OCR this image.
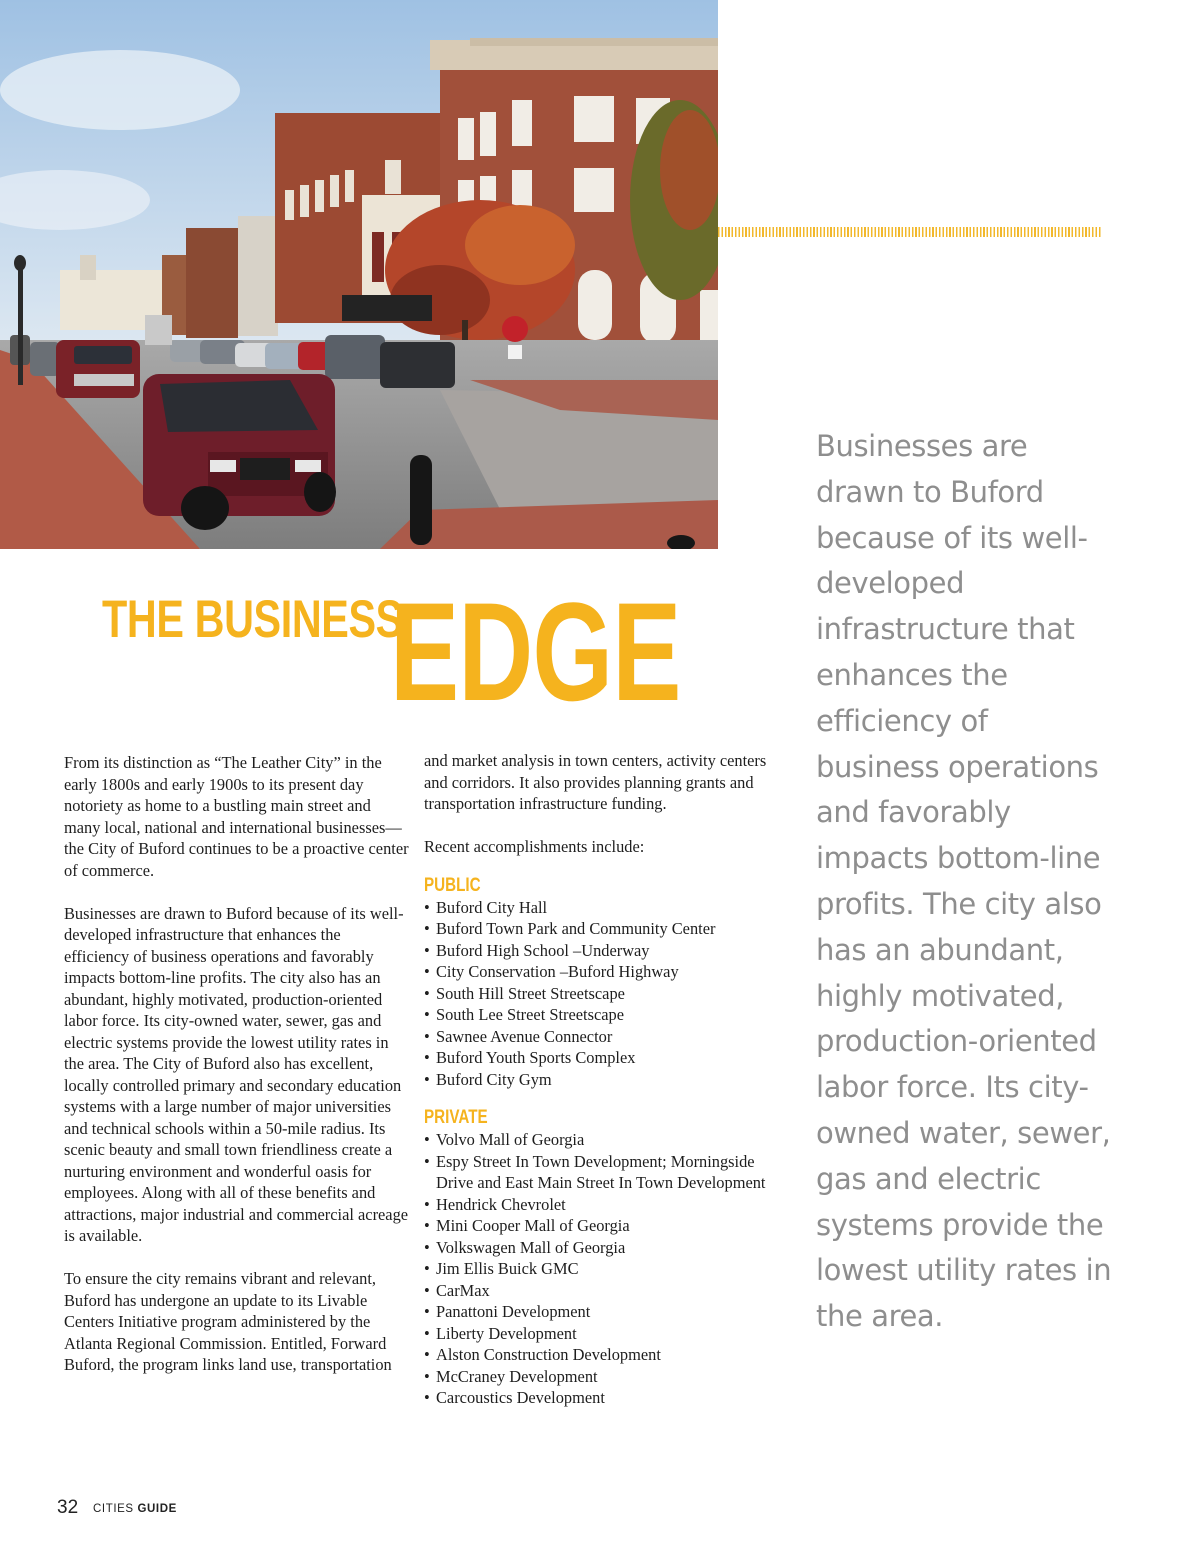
THE BUSINESS
EDGE

From its distinction as “The Leather City” in the early 1800s and early 1900s to its present day notoriety as home to a bustling main street and many local, national and international businesses—the City of Buford continues to be a proactive center of commerce.

Businesses are drawn to Buford because of its well-developed infrastructure that enhances the efficiency of business operations and favorably impacts bottom-line profits. The city also has an abundant, highly motivated, production-oriented labor force. Its city-owned water, sewer, gas and electric systems provide the lowest utility rates in the area. The City of Buford also has excellent, locally controlled primary and secondary education systems with a large number of major universities and technical schools within a 50-mile radius. Its scenic beauty and small town friendliness create a nurturing environment and wonderful oasis for employees. Along with all of these benefits and attractions, major industrial and commercial acreage is available.

To ensure the city remains vibrant and relevant, Buford has undergone an update to its Livable Centers Initiative program administered by the Atlanta Regional Commission. Entitled, Forward Buford, the program links land use, transportation

and market analysis in town centers, activity centers and corridors. It also provides planning grants and transportation infrastructure funding.

Recent accomplishments include:

PUBLIC
• Buford City Hall
• Buford Town Park and Community Center
• Buford High School –Underway
• City Conservation –Buford Highway
• South Hill Street Streetscape
• South Lee Street Streetscape
• Sawnee Avenue Connector
• Buford Youth Sports Complex
• Buford City Gym
PRIVATE
• Volvo Mall of Georgia
• Espy Street In Town Development; Morningside Drive and East Main Street In Town Development
• Hendrick Chevrolet
• Mini Cooper Mall of Georgia
• Volkswagen Mall of Georgia
• Jim Ellis Buick GMC
• CarMax
• Panattoni Development
• Liberty Development
• Alston Construction Development
• McCraney Development
• Carcoustics Development

Businesses are drawn to Buford because of its well-developed infrastructure that enhances the efficiency of business operations and favorably impacts bottom-line profits. The city also has an abundant, highly motivated, production-oriented labor force. Its city-owned water, sewer, gas and electric systems provide the lowest utility rates in the area.

32 CITIES GUIDE
